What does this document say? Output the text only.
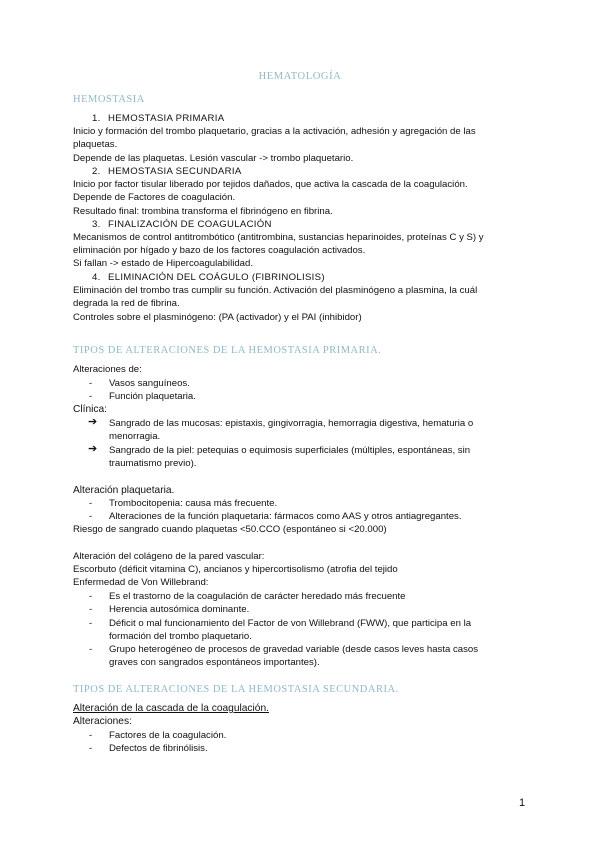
HEMATOLOGÍA
HEMOSTASIA
1. HEMOSTASIA PRIMARIA

Inicio y formación del trombo plaquetario, gracias a la activación, adhesión y agregación de las

plaquetas.

Depende de las plaquetas. Lesión vascular -> trombo plaquetario.

2. HEMOSTASIA SECUNDARIA

Inicio por factor tisular liberado por tejidos dañados, que activa la cascada de la coagulación.

Depende de Factores de coagulación.

Resultado final: trombina transforma el fibrinógeno en fibrina.

3. FINALIZACIÓN DE COAGULACIÓN

Mecanismos de control antitrombótico (antitrombina, sustancias heparinoides, proteínas C y S) y

eliminación por hígado y bazo de los factores coagulación activados.

Si fallan -> estado de Hipercoagulabilidad.

4. ELIMINACIÓN DEL COÁGULO (FIBRINOLISIS)

Eliminación del trombo tras cumplir su función. Activación del plasminógeno a plasmina, la cuál

degrada la red de fibrina.

Controles sobre el plasminógeno: (PA (activador) y el PAI (inhibidor)

TIPOS DE ALTERACIONES DE LA HEMOSTASIA PRIMARIA.

Alteraciones de:

- Vasos sanguíneos.
- Función plaquetaria.

Clínica:

➔ Sangrado de las mucosas: epistaxis, gingivorragia, hemorragia digestiva, hematuria o
menorragia.
➔ Sangrado de la piel: petequias o equimosis superficiales (múltiples, espontáneas, sin
traumatismo previo).

Alteración plaquetaria.

- Trombocitopenia: causa más frecuente.
- Alteraciones de la función plaquetaria: fármacos como AAS y otros antiagregantes.

Riesgo de sangrado cuando plaquetas <50.CCO (espontáneo si <20.000)

Alteración del colágeno de la pared vascular:

Escorbuto (déficit vitamina C), ancianos y hipercortisolismo (atrofia del tejido

Enfermedad de Von Willebrand:

- Es el trastorno de la coagulación de carácter heredado más frecuente
- Herencia autosómica dominante.
- Déficit o mal funcionamiento del Factor de von Willebrand (FWW), que participa en la
formación del trombo plaquetario.
- Grupo heterogéneo de procesos de gravedad variable (desde casos leves hasta casos
graves con sangrados espontáneos importantes).
TIPOS DE ALTERACIONES DE LA HEMOSTASIA SECUNDARIA.

Alteración de la cascada de la coagulación.

Alteraciones:

- Factores de la coagulación.
- Defectos de fibrinólisis.
1
